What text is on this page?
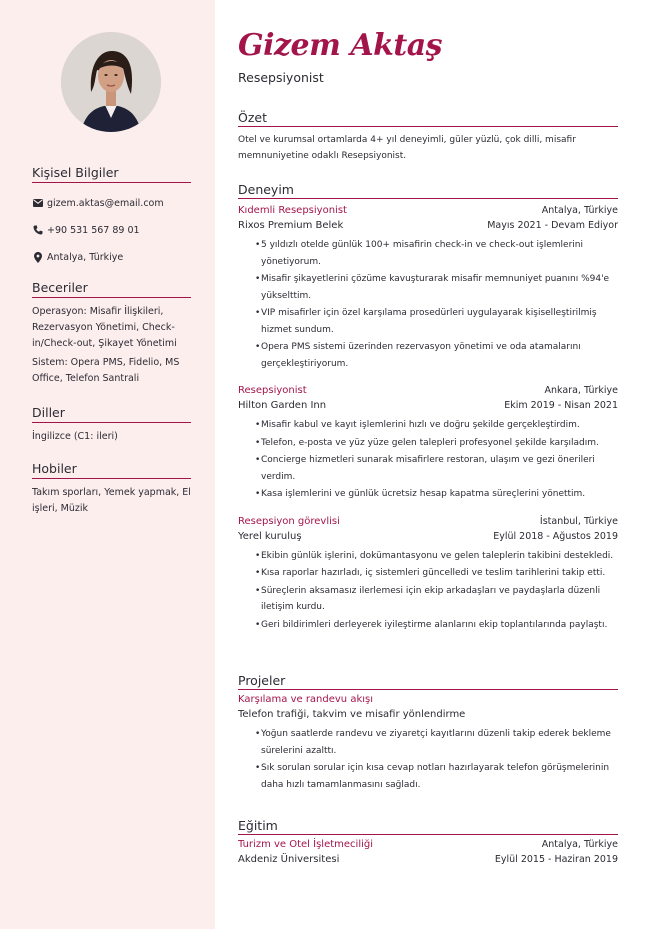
Kişisel Bilgiler
gizem.aktas@email.com
+90 531 567 89 01
Antalya, Türkiye
Beceriler
Operasyon: Misafir İlişkileri, Rezervasyon Yönetimi, Check-in/Check-out, Şikayet Yönetimi
Sistem: Opera PMS, Fidelio, MS Office, Telefon Santrali
Diller
İngilizce (C1: ileri)
Hobiler
Takım sporları, Yemek yapmak, El işleri, Müzik
Gizem Aktaş
Resepsiyonist
Özet
Otel ve kurumsal ortamlarda 4+ yıl deneyimli, güler yüzlü, çok dilli, misafir memnuniyetine odaklı Resepsiyonist.
Deneyim
Kıdemli Resepsiyonist	Antalya, Türkiye
Rixos Premium Belek	Mayıs 2021 - Devam Ediyor
• 5 yıldızlı otelde günlük 100+ misafirin check-in ve check-out işlemlerini yönetiyorum.
• Misafir şikayetlerini çözüme kavuşturarak misafir memnuniyet puanını %94'e yükselttim.
• VIP misafirler için özel karşılama prosedürleri uygulayarak kişiselleştirilmiş hizmet sundum.
• Opera PMS sistemi üzerinden rezervasyon yönetimi ve oda atamalarını gerçekleştiriyorum.
Resepsiyonist	Ankara, Türkiye
Hilton Garden Inn	Ekim 2019 - Nisan 2021
• Misafir kabul ve kayıt işlemlerini hızlı ve doğru şekilde gerçekleştirdim.
• Telefon, e-posta ve yüz yüze gelen talepleri profesyonel şekilde karşıladım.
• Concierge hizmetleri sunarak misafirlere restoran, ulaşım ve gezi önerileri verdim.
• Kasa işlemlerini ve günlük ücretsiz hesap kapatma süreçlerini yönettim.
Resepsiyon görevlisi	İstanbul, Türkiye
Yerel kuruluş	Eylül 2018 - Ağustos 2019
• Ekibin günlük işlerini, dokümantasyonu ve gelen taleplerin takibini destekledi.
• Kısa raporlar hazırladı, iç sistemleri güncelledi ve teslim tarihlerini takip etti.
• Süreçlerin aksamasız ilerlemesi için ekip arkadaşları ve paydaşlarla düzenli iletişim kurdu.
• Geri bildirimleri derleyerek iyileştirme alanlarını ekip toplantılarında paylaştı.
Projeler
Karşılama ve randevu akışı
Telefon trafiği, takvim ve misafir yönlendirme
• Yoğun saatlerde randevu ve ziyaretçi kayıtlarını düzenli takip ederek bekleme sürelerini azalttı.
• Sık sorulan sorular için kısa cevap notları hazırlayarak telefon görüşmelerinin daha hızlı tamamlanmasını sağladı.
Eğitim
Turizm ve Otel İşletmeciliği	Antalya, Türkiye
Akdeniz Üniversitesi	Eylül 2015 - Haziran 2019
